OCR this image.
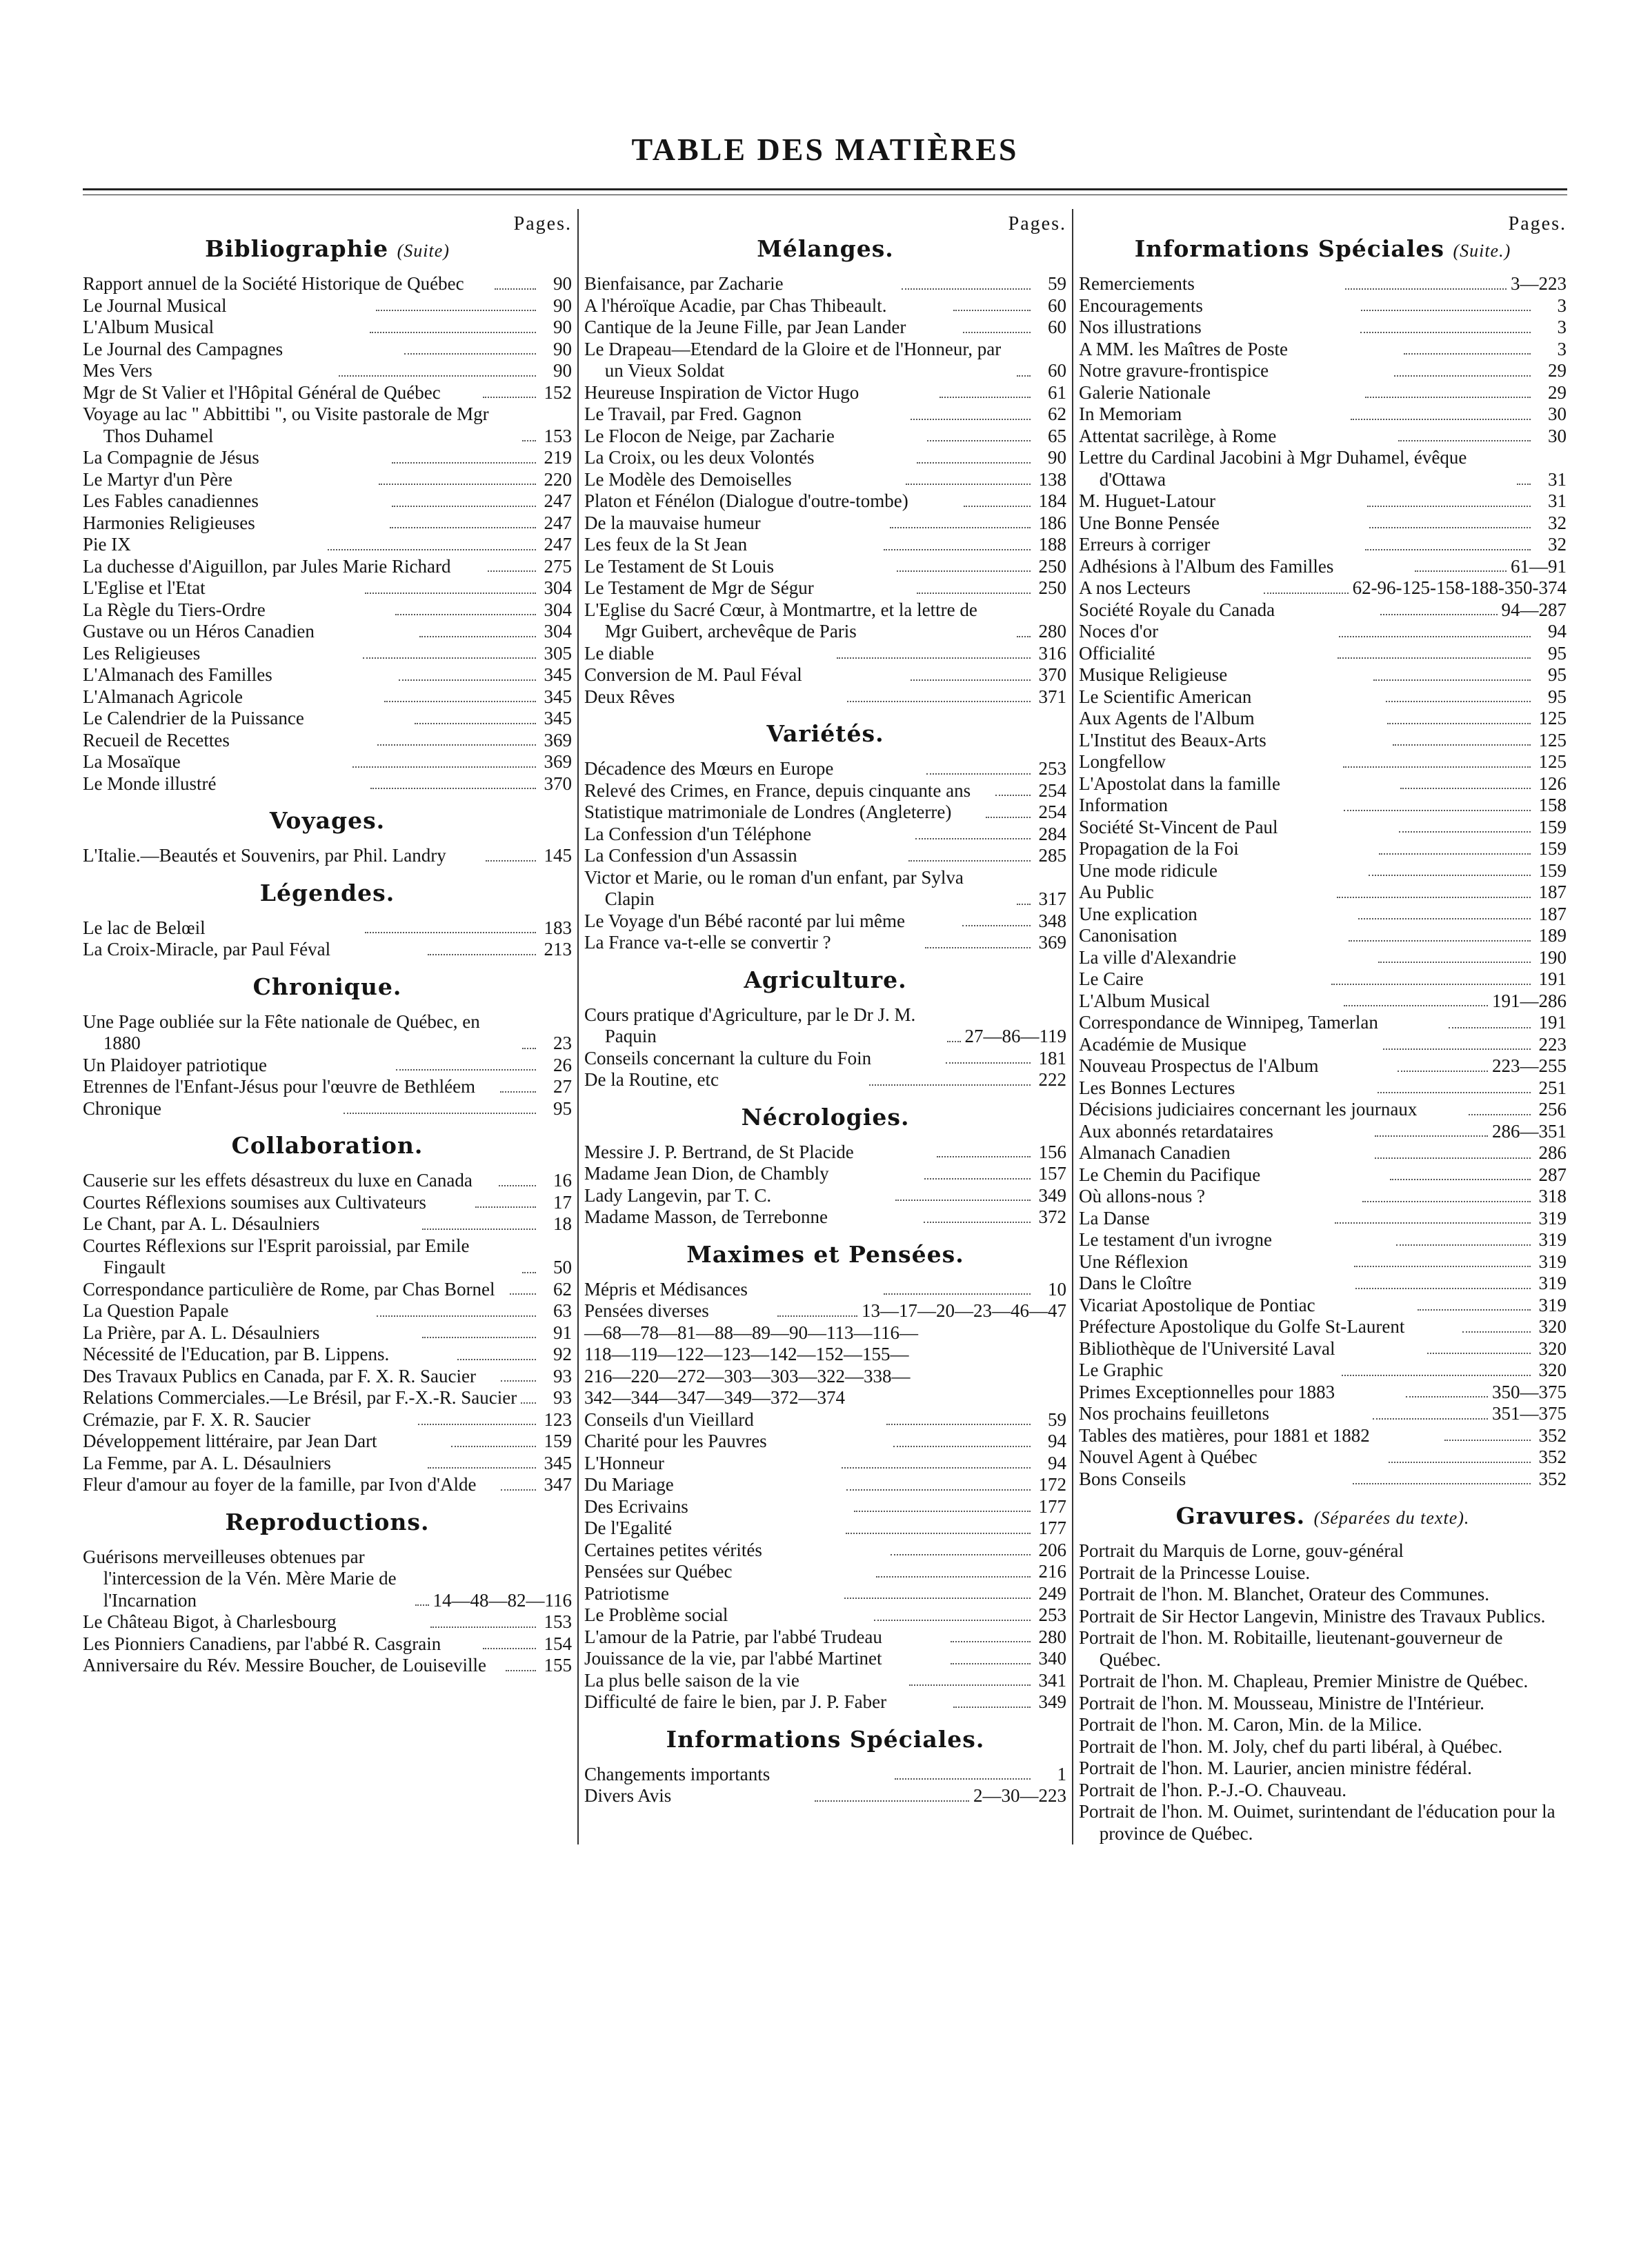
TABLE DES MATIÈRES
Pages.
Bibliographie (Suite)
Rapport annuel de la Société Historique de Québec	90
Le Journal Musical	90
L'Album Musical	90
Le Journal des Campagnes	90
Mes Vers	90
Mgr de St Valier et l'Hôpital Général de Québec	152
Voyage au lac " Abbittibi ", ou Visite pastorale de Mgr Thos Duhamel	153
La Compagnie de Jésus	219
Le Martyr d'un Père	220
Les Fables canadiennes	247
Harmonies Religieuses	247
Pie IX	247
La duchesse d'Aiguillon, par Jules Marie Richard	275
L'Eglise et l'Etat	304
La Règle du Tiers-Ordre	304
Gustave ou un Héros Canadien	304
Les Religieuses	305
L'Almanach des Familles	345
L'Almanach Agricole	345
Le Calendrier de la Puissance	345
Recueil de Recettes	369
La Mosaïque	369
Le Monde illustré	370
Voyages.
L'Italie.—Beautés et Souvenirs, par Phil. Landry	145
Légendes.
Le lac de Belœil	183
La Croix-Miracle, par Paul Féval	213
Chronique.
Une Page oubliée sur la Fête nationale de Québec, en 1880	23
Un Plaidoyer patriotique	26
Etrennes de l'Enfant-Jésus pour l'œuvre de Bethléem	27
Chronique	95
Collaboration.
Causerie sur les effets désastreux du luxe en Canada	16
Courtes Réflexions soumises aux Cultivateurs	17
Le Chant, par A. L. Désaulniers	18
Courtes Réflexions sur l'Esprit paroissial, par Emile Fingault	50
Correspondance particulière de Rome, par Chas Bornel	62
La Question Papale	63
La Prière, par A. L. Désaulniers	91
Nécessité de l'Education, par B. Lippens.	92
Des Travaux Publics en Canada, par F. X. R. Saucier	93
Relations Commerciales.—Le Brésil, par F.-X.-R. Saucier	93
Crémazie, par F. X. R. Saucier	123
Développement littéraire, par Jean Dart	159
La Femme, par A. L. Désaulniers	345
Fleur d'amour au foyer de la famille, par Ivon d'Alde	347
Reproductions.
Guérisons merveilleuses obtenues par l'intercession de la Vén. Mère Marie de l'Incarnation	14—48—82—116
Le Château Bigot, à Charlesbourg	153
Les Pionniers Canadiens, par l'abbé R. Casgrain	154
Anniversaire du Rév. Messire Boucher, de Louiseville	155
Pages.
Mélanges.
Bienfaisance, par Zacharie	59
A l'héroïque Acadie, par Chas Thibeault.	60
Cantique de la Jeune Fille, par Jean Lander	60
Le Drapeau—Etendard de la Gloire et de l'Honneur, par un Vieux Soldat	60
Heureuse Inspiration de Victor Hugo	61
Le Travail, par Fred. Gagnon	62
Le Flocon de Neige, par Zacharie	65
La Croix, ou les deux Volontés	90
Le Modèle des Demoiselles	138
Platon et Fénélon (Dialogue d'outre-tombe)	184
De la mauvaise humeur	186
Les feux de la St Jean	188
Le Testament de St Louis	250
Le Testament de Mgr de Ségur	250
L'Eglise du Sacré Cœur, à Montmartre, et la lettre de Mgr Guibert, archevêque de Paris	280
Le diable	316
Conversion de M. Paul Féval	370
Deux Rêves	371
Variétés.
Décadence des Mœurs en Europe	253
Relevé des Crimes, en France, depuis cinquante ans	254
Statistique matrimoniale de Londres (Angleterre)	254
La Confession d'un Téléphone	284
La Confession d'un Assassin	285
Victor et Marie, ou le roman d'un enfant, par Sylva Clapin	317
Le Voyage d'un Bébé raconté par lui même	348
La France va-t-elle se convertir ?	369
Agriculture.
Cours pratique d'Agriculture, par le Dr J. M. Paquin	27—86—119
Conseils concernant la culture du Foin	181
De la Routine, etc	222
Nécrologies.
Messire J. P. Bertrand, de St Placide	156
Madame Jean Dion, de Chambly	157
Lady Langevin, par T. C.	349
Madame Masson, de Terrebonne	372
Maximes et Pensées.
Mépris et Médisances	10
Pensées diverses	13—17—20—23—46—47
—68—78—81—88—89—90—113—116—
118—119—122—123—142—152—155—
216—220—272—303—303—322—338—
342—344—347—349—372—374
Conseils d'un Vieillard	59
Charité pour les Pauvres	94
L'Honneur	94
Du Mariage	172
Des Ecrivains	177
De l'Egalité	177
Certaines petites vérités	206
Pensées sur Québec	216
Patriotisme	249
Le Problème social	253
L'amour de la Patrie, par l'abbé Trudeau	280
Jouissance de la vie, par l'abbé Martinet	340
La plus belle saison de la vie	341
Difficulté de faire le bien, par J. P. Faber	349
Informations Spéciales.
Changements importants	1
Divers Avis	2—30—223
Pages.
Informations Spéciales (Suite.)
Remerciements	3—223
Encouragements	3
Nos illustrations	3
A MM. les Maîtres de Poste	3
Notre gravure-frontispice	29
Galerie Nationale	29
In Memoriam	30
Attentat sacrilège, à Rome	30
Lettre du Cardinal Jacobini à Mgr Duhamel, évêque d'Ottawa	31
M. Huguet-Latour	31
Une Bonne Pensée	32
Erreurs à corriger	32
Adhésions à l'Album des Familles	61—91
A nos Lecteurs	62-96-125-158-188-350-374
Société Royale du Canada	94—287
Noces d'or	94
Officialité	95
Musique Religieuse	95
Le Scientific American	95
Aux Agents de l'Album	125
L'Institut des Beaux-Arts	125
Longfellow	125
L'Apostolat dans la famille	126
Information	158
Société St-Vincent de Paul	159
Propagation de la Foi	159
Une mode ridicule	159
Au Public	187
Une explication	187
Canonisation	189
La ville d'Alexandrie	190
Le Caire	191
L'Album Musical	191—286
Correspondance de Winnipeg, Tamerlan	191
Académie de Musique	223
Nouveau Prospectus de l'Album	223—255
Les Bonnes Lectures	251
Décisions judiciaires concernant les journaux	256
Aux abonnés retardataires	286—351
Almanach Canadien	286
Le Chemin du Pacifique	287
Où allons-nous ?	318
La Danse	319
Le testament d'un ivrogne	319
Une Réflexion	319
Dans le Cloître	319
Vicariat Apostolique de Pontiac	319
Préfecture Apostolique du Golfe St-Laurent	320
Bibliothèque de l'Université Laval	320
Le Graphic	320
Primes Exceptionnelles pour 1883	350—375
Nos prochains feuilletons	351—375
Tables des matières, pour 1881 et 1882	352
Nouvel Agent à Québec	352
Bons Conseils	352
Gravures. (Séparées du texte).
Portrait du Marquis de Lorne, gouv-général
Portrait de la Princesse Louise.
Portrait de l'hon. M. Blanchet, Orateur des Communes.
Portrait de Sir Hector Langevin, Ministre des Travaux Publics.
Portrait de l'hon. M. Robitaille, lieutenant-gouverneur de Québec.
Portrait de l'hon. M. Chapleau, Premier Ministre de Québec.
Portrait de l'hon. M. Mousseau, Ministre de l'Intérieur.
Portrait de l'hon. M. Caron, Min. de la Milice.
Portrait de l'hon. M. Joly, chef du parti libéral, à Québec.
Portrait de l'hon. M. Laurier, ancien ministre fédéral.
Portrait de l'hon. P.-J.-O. Chauveau.
Portrait de l'hon. M. Ouimet, surintendant de l'éducation pour la province de Québec.
